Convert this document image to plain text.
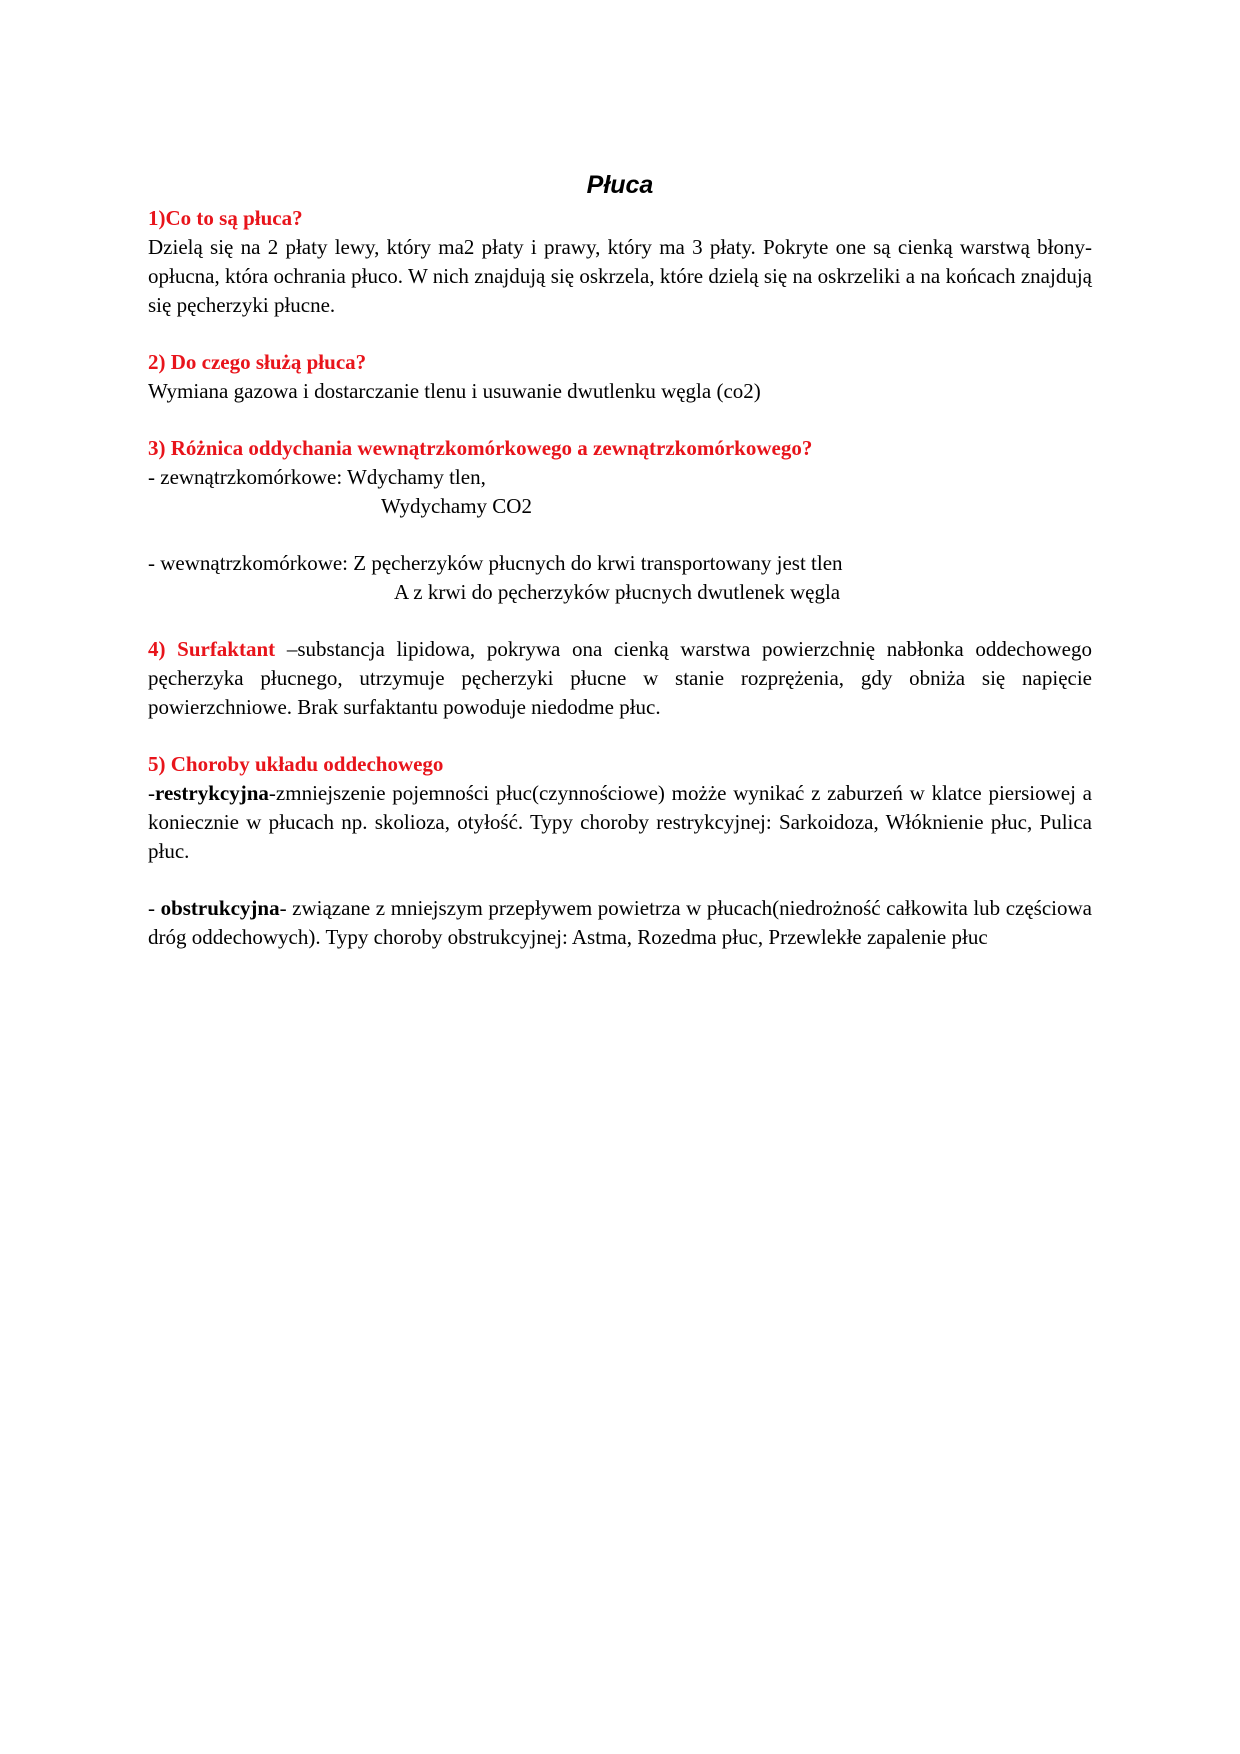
Płuca

1)Co to są płuca?

Dzielą się na 2 płaty lewy, który ma2 płaty i prawy, który ma 3 płaty. Pokryte one są cienką warstwą błony- opłucna, która ochrania płuco. W nich znajdują się oskrzela, które dzielą się na oskrzeliki a na końcach znajdują się pęcherzyki płucne.

2) Do czego służą płuca?

Wymiana gazowa i dostarczanie tlenu i usuwanie dwutlenku węgla (co2)

3) Różnica oddychania wewnątrzkomórkowego a zewnątrzkomórkowego?

- zewnątrzkomórkowe: Wdychamy tlen,

Wydychamy CO2

- wewnątrzkomórkowe: Z pęcherzyków płucnych do krwi transportowany jest tlen

A z krwi do pęcherzyków płucnych dwutlenek węgla

4) Surfaktant –substancja lipidowa, pokrywa ona cienką warstwa powierzchnię nabłonka oddechowego pęcherzyka płucnego, utrzymuje pęcherzyki płucne w stanie rozprężenia, gdy obniża się napięcie powierzchniowe. Brak surfaktantu powoduje niedodme płuc.

5) Choroby układu oddechowego

-restrykcyjna-zmniejszenie pojemności płuc(czynnościowe) możże wynikać z zaburzeń w klatce piersiowej a koniecznie w płucach np. skolioza, otyłość. Typy choroby restrykcyjnej: Sarkoidoza, Włóknienie płuc, Pulica płuc.

- obstrukcyjna- związane z mniejszym przepływem powietrza w płucach(niedrożność całkowita lub częściowa dróg oddechowych). Typy choroby obstrukcyjnej: Astma, Rozedma płuc, Przewlekłe zapalenie płuc
